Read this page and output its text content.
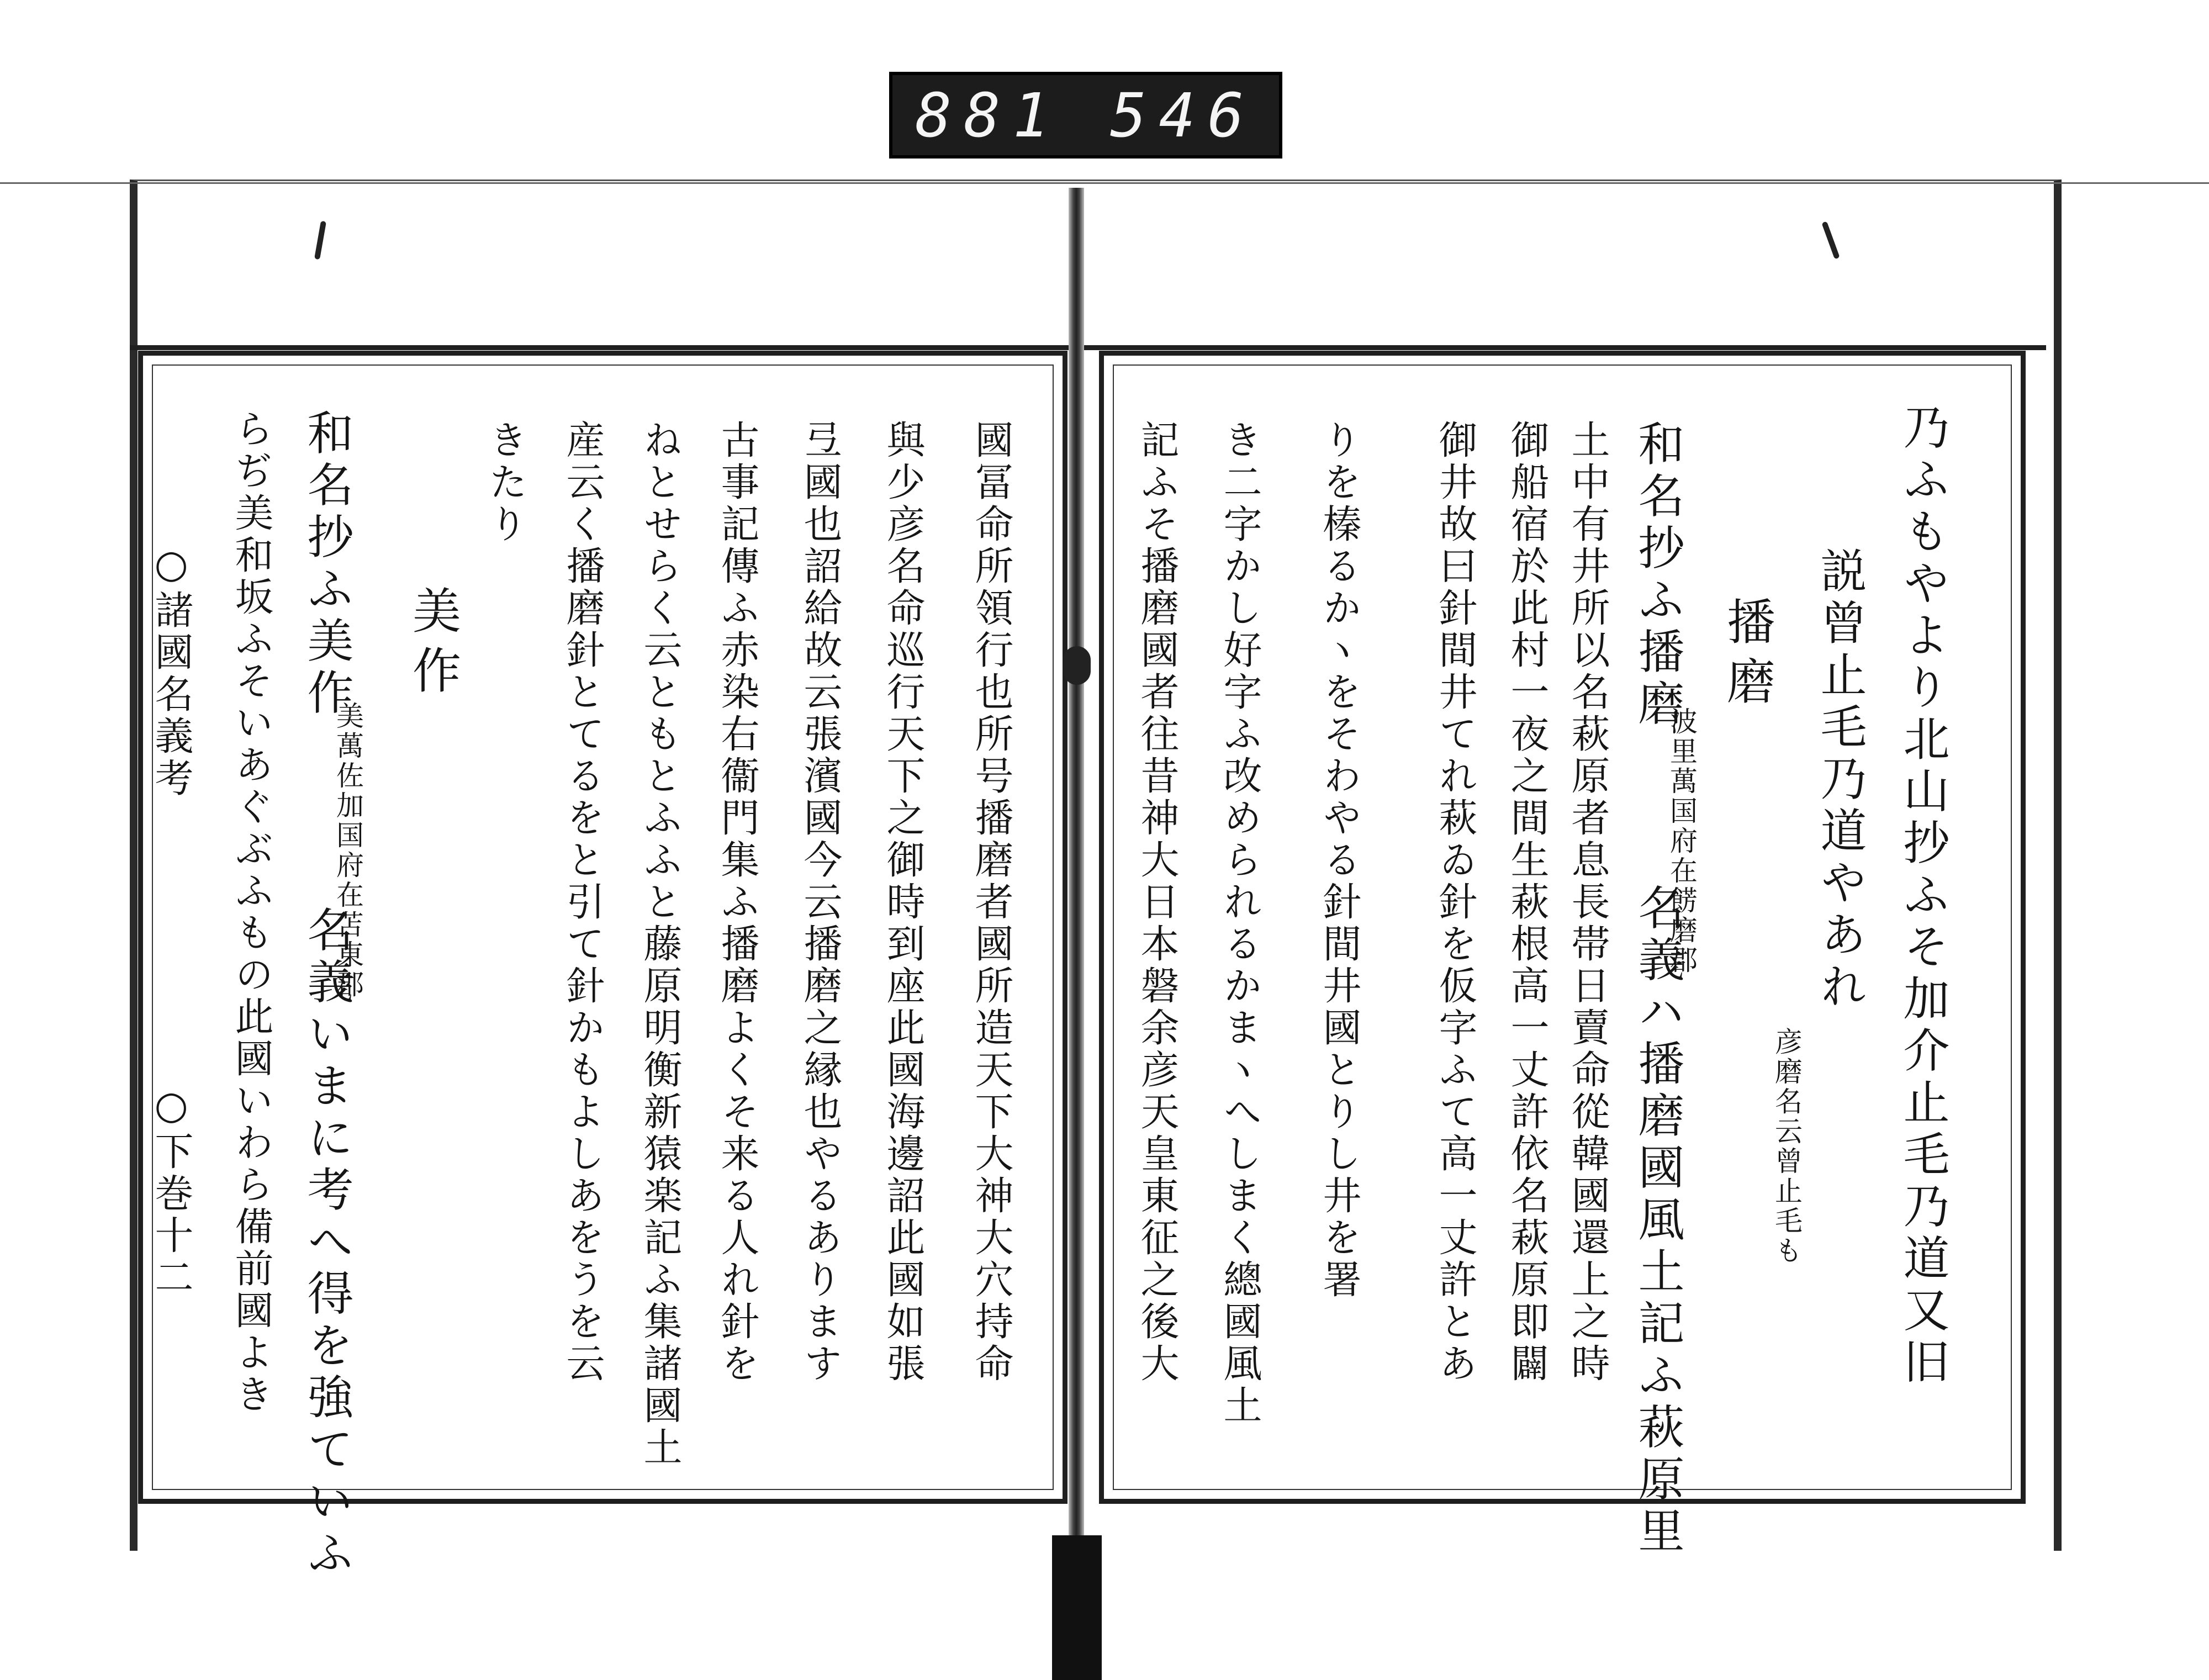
881 546
○諸國名義考
○下巻十二	乃ふもやより北山抄ふそ加介止毛乃道又旧
説曾止毛乃道やあれ
彦磨名云曾止毛も
播磨
和名抄ふ播磨
波里萬国府在餝磨郡
名義ハ播磨國風土記ふ萩原里
土中有井所以名萩原者息長帯日賣命從韓國還上之時
御船宿於此村一夜之間生萩根高一丈許依名萩原即闢
御井故曰針間井てれ萩ゐ針を仮字ふて高一丈許とあ
りを榛るかヽをそわやる針間井國とりし井を署
き二字かし好字ふ改められるかまヽへしまく總國風土
記ふそ播磨國者往昔神大日本磐余彦天皇東征之後大
國冨命所領行也所号播磨者國所造天下大神大穴持命
與少彦名命巡行天下之御時到座此國海邊詔此國如張
弖國也詔給故云張濱國今云播磨之縁也やるあります
古事記傳ふ赤染右衞門集ふ播磨よくそ来る人れ針を
ねとせらく云ともとふふと藤原明衡新猿楽記ふ集諸國土
産云く播磨針とてるをと引て針かもよしあをうを云
きたり
美作
和名抄ふ美作
美萬佐加国府在苫東郡
名義いまに考へ得を強ていふ
らぢ美和坂ふそいあぐぶふもの此國いわら備前國よき
